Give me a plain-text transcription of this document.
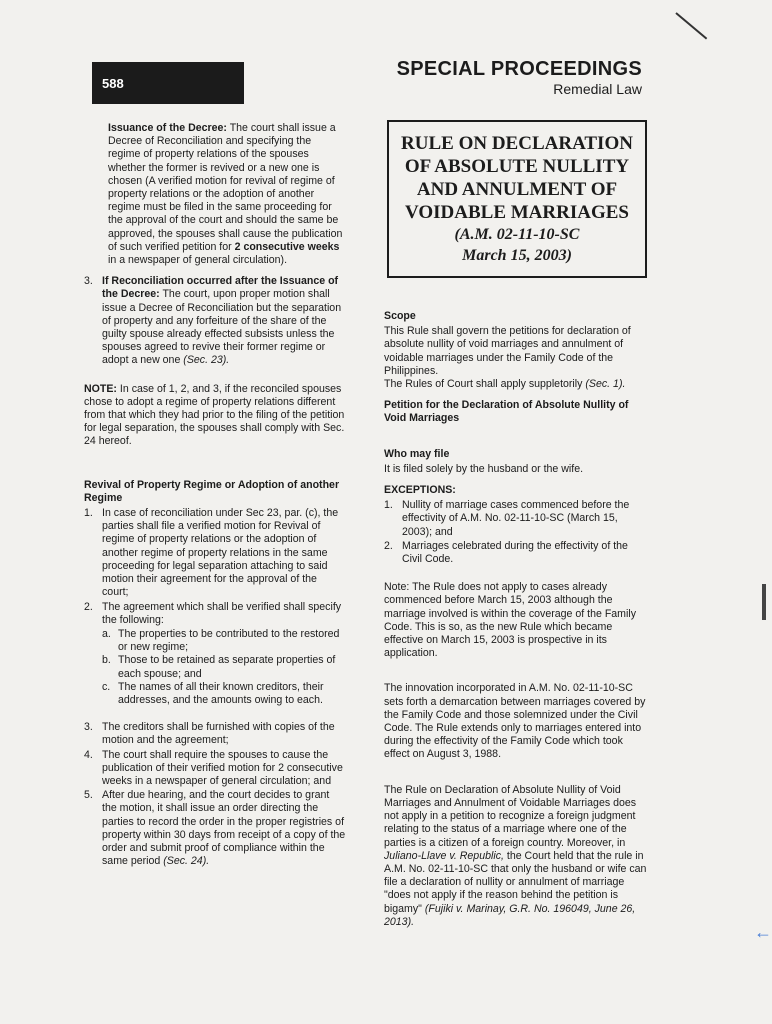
588
SPECIAL PROCEEDINGS
Remedial Law
RULE ON DECLARATION
OF ABSOLUTE NULLITY
AND ANNULMENT OF
VOIDABLE MARRIAGES
(A.M. 02-11-10-SC
March 15, 2003)

Issuance of the Decree: The court shall issue a Decree of Reconciliation and specifying the regime of property relations of the spouses whether the former is revived or a new one is chosen (A verified motion for revival of regime of property relations or the adoption of another regime must be filed in the same proceeding for the approval of the court and should the same be approved, the spouses shall cause the publication of such verified petition for 2 consecutive weeks in a newspaper of general circulation).

3. If Reconciliation occurred after the Issuance of the Decree: The court, upon proper motion shall issue a Decree of Reconciliation but the separation of property and any forfeiture of the share of the guilty spouse already effected subsists unless the spouses agreed to revive their former regime or adopt a new one (Sec. 23).

NOTE: In case of 1, 2, and 3, if the reconciled spouses chose to adopt a regime of property relations different from that which they had prior to the filing of the petition for legal separation, the spouses shall comply with Sec. 24 hereof.

Revival of Property Regime or Adoption of another Regime
1. In case of reconciliation under Sec 23, par. (c), the parties shall file a verified motion for Revival of regime of property relations or the adoption of another regime of property relations in the same proceeding for legal separation attaching to said motion their agreement for the approval of the court;
2. The agreement which shall be verified shall specify the following:
a. The properties to be contributed to the restored or new regime;
b. Those to be retained as separate properties of each spouse; and
c. The names of all their known creditors, their addresses, and the amounts owing to each.
3. The creditors shall be furnished with copies of the motion and the agreement;
4. The court shall require the spouses to cause the publication of their verified motion for 2 consecutive weeks in a newspaper of general circulation; and
5. After due hearing, and the court decides to grant the motion, it shall issue an order directing the parties to record the order in the proper registries of property within 30 days from receipt of a copy of the order and submit proof of compliance within the same period (Sec. 24).
Scope
This Rule shall govern the petitions for declaration of absolute nullity of void marriages and annulment of voidable marriages under the Family Code of the Philippines.

The Rules of Court shall apply suppletorily (Sec. 1).

Petition for the Declaration of Absolute Nullity of Void Marriages

Who may file

It is filed solely by the husband or the wife.

EXCEPTIONS:
1. Nullity of marriage cases commenced before the effectivity of A.M. No. 02-11-10-SC (March 15, 2003); and
2. Marriages celebrated during the effectivity of the Civil Code.

Note: The Rule does not apply to cases already commenced before March 15, 2003 although the marriage involved is within the coverage of the Family Code. This is so, as the new Rule which became effective on March 15, 2003 is prospective in its application.

The innovation incorporated in A.M. No. 02-11-10-SC sets forth a demarcation between marriages covered by the Family Code and those solemnized under the Civil Code. The Rule extends only to marriages entered into during the effectivity of the Family Code which took effect on August 3, 1988.

The Rule on Declaration of Absolute Nullity of Void Marriages and Annulment of Voidable Marriages does not apply in a petition to recognize a foreign judgment relating to the status of a marriage where one of the parties is a citizen of a foreign country. Moreover, in Juliano-Llave v. Republic, the Court held that the rule in A.M. No. 02-11-10-SC that only the husband or wife can file a declaration of nullity or annulment of marriage "does not apply if the reason behind the petition is bigamy" (Fujiki v. Marinay, G.R. No. 196049, June 26, 2013).

←
